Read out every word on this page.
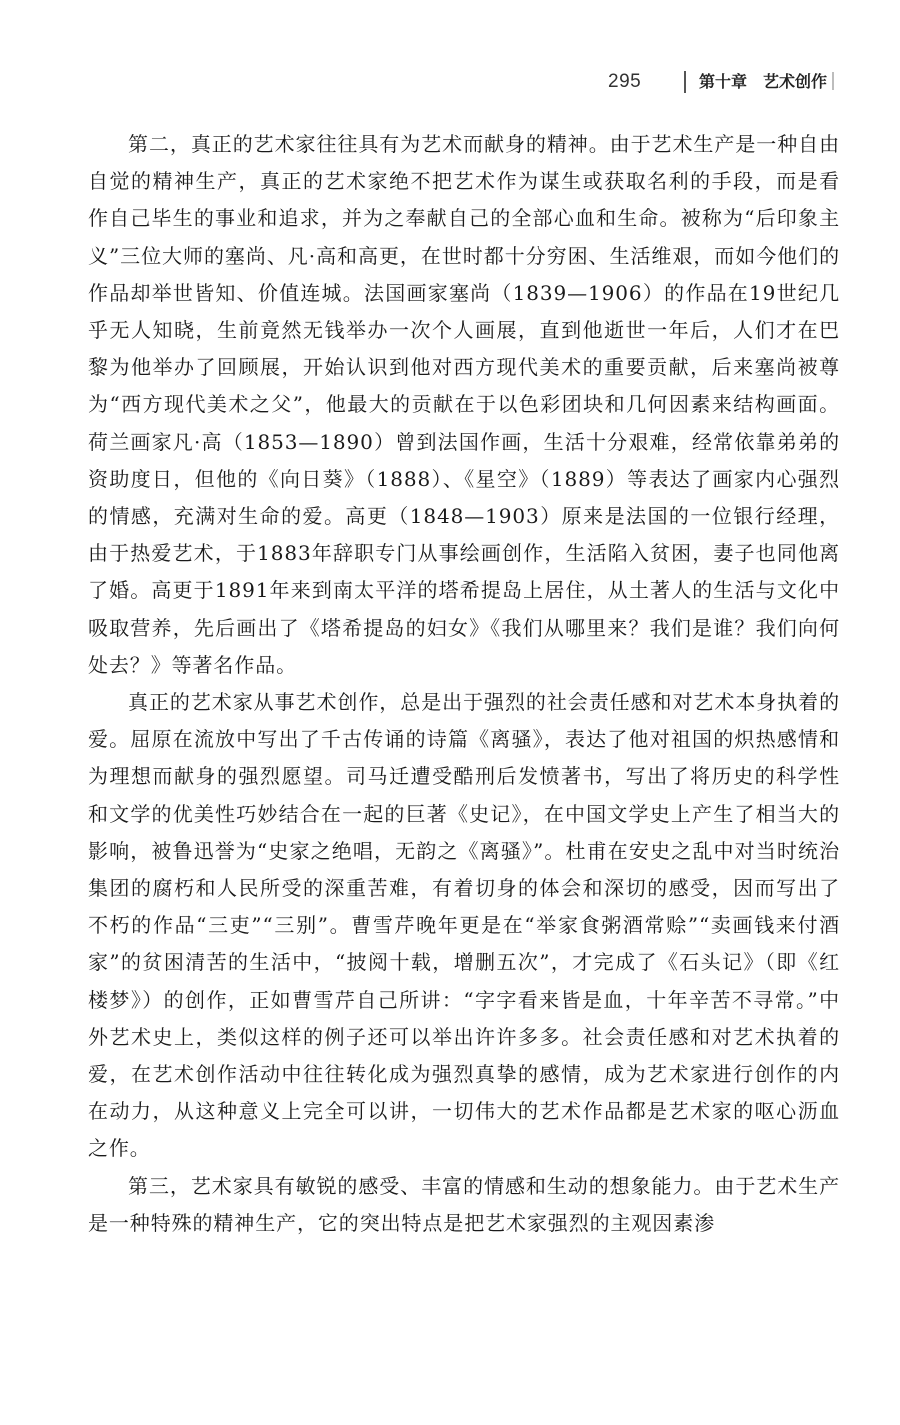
295	第十章　艺术创作

第二，真正的艺术家往往具有为艺术而献身的精神。由于艺术生产是一种自由自觉的精神生产，真正的艺术家绝不把艺术作为谋生或获取名利的手段，而是看作自己毕生的事业和追求，并为之奉献自己的全部心血和生命。被称为“后印象主义”三位大师的塞尚、凡·高和高更，在世时都十分穷困、生活维艰，而如今他们的作品却举世皆知、价值连城。法国画家塞尚（1839—1906）的作品在19世纪几乎无人知晓，生前竟然无钱举办一次个人画展，直到他逝世一年后，人们才在巴黎为他举办了回顾展，开始认识到他对西方现代美术的重要贡献，后来塞尚被尊为“西方现代美术之父”，他最大的贡献在于以色彩团块和几何因素来结构画面。荷兰画家凡·高（1853—1890）曾到法国作画，生活十分艰难，经常依靠弟弟的资助度日，但他的《向日葵》（1888）、《星空》（1889）等表达了画家内心强烈的情感，充满对生命的爱。高更（1848—1903）原来是法国的一位银行经理，由于热爱艺术，于1883年辞职专门从事绘画创作，生活陷入贫困，妻子也同他离了婚。高更于1891年来到南太平洋的塔希提岛上居住，从土著人的生活与文化中吸取营养，先后画出了《塔希提岛的妇女》《我们从哪里来？我们是谁？我们向何处去？》等著名作品。

真正的艺术家从事艺术创作，总是出于强烈的社会责任感和对艺术本身执着的爱。屈原在流放中写出了千古传诵的诗篇《离骚》，表达了他对祖国的炽热感情和为理想而献身的强烈愿望。司马迁遭受酷刑后发愤著书，写出了将历史的科学性和文学的优美性巧妙结合在一起的巨著《史记》，在中国文学史上产生了相当大的影响，被鲁迅誉为“史家之绝唱，无韵之《离骚》”。杜甫在安史之乱中对当时统治集团的腐朽和人民所受的深重苦难，有着切身的体会和深切的感受，因而写出了不朽的作品“三吏”“三别”。曹雪芹晚年更是在“举家食粥酒常赊”“卖画钱来付酒家”的贫困清苦的生活中，“披阅十载，增删五次”，才完成了《石头记》（即《红楼梦》）的创作，正如曹雪芹自己所讲：“字字看来皆是血，十年辛苦不寻常。”中外艺术史上，类似这样的例子还可以举出许许多多。社会责任感和对艺术执着的爱，在艺术创作活动中往往转化成为强烈真挚的感情，成为艺术家进行创作的内在动力，从这种意义上完全可以讲，一切伟大的艺术作品都是艺术家的呕心沥血之作。

第三，艺术家具有敏锐的感受、丰富的情感和生动的想象能力。由于艺术生产是一种特殊的精神生产，它的突出特点是把艺术家强烈的主观因素渗
